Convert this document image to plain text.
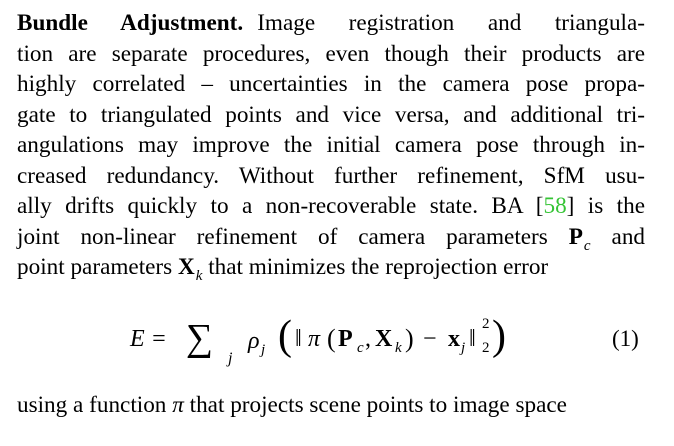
Bundle Adjustment. Image registration and triangula-
tion are separate procedures, even though their products are
highly correlated – uncertainties in the camera pose propa-
gate to triangulated points and vice versa, and additional tri-
angulations may improve the initial camera pose through in-
creased redundancy. Without further refinement, SfM usu-
ally drifts quickly to a non-recoverable state. BA [58] is the
joint non-linear refinement of camera parameters $P_c$ and
point parameters $X_k$ that minimizes the reprojection error
E = ∑ j
ρ j ( ‖ π ( P c , X k ) − x j ‖
2
2 )	(1)
using a function π that projects scene points to image space
